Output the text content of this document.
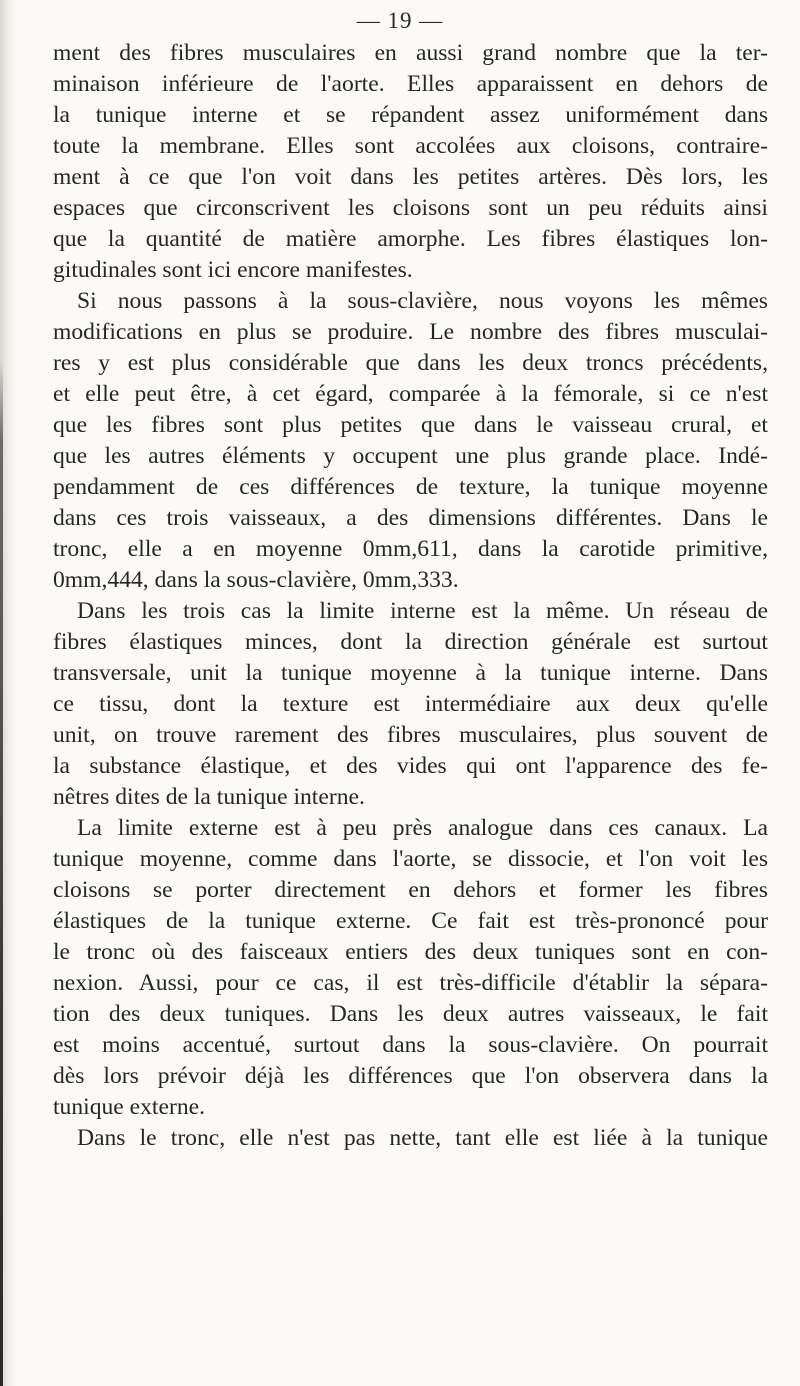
— 19 —
ment des fibres musculaires en aussi grand nombre que la ter-
minaison inférieure de l'aorte. Elles apparaissent en dehors de
la tunique interne et se répandent assez uniformément dans
toute la membrane. Elles sont accolées aux cloisons, contraire-
ment à ce que l'on voit dans les petites artères. Dès lors, les
espaces que circonscrivent les cloisons sont un peu réduits ainsi
que la quantité de matière amorphe. Les fibres élastiques lon-
gitudinales sont ici encore manifestes.
Si nous passons à la sous-clavière, nous voyons les mêmes
modifications en plus se produire. Le nombre des fibres musculai-
res y est plus considérable que dans les deux troncs précédents,
et elle peut être, à cet égard, comparée à la fémorale, si ce n'est
que les fibres sont plus petites que dans le vaisseau crural, et
que les autres éléments y occupent une plus grande place. Indé-
pendamment de ces différences de texture, la tunique moyenne
dans ces trois vaisseaux, a des dimensions différentes. Dans le
tronc, elle a en moyenne 0mm,611, dans la carotide primitive,
0mm,444, dans la sous-clavière, 0mm,333.
Dans les trois cas la limite interne est la même. Un réseau de
fibres élastiques minces, dont la direction générale est surtout
transversale, unit la tunique moyenne à la tunique interne. Dans
ce tissu, dont la texture est intermédiaire aux deux qu'elle
unit, on trouve rarement des fibres musculaires, plus souvent de
la substance élastique, et des vides qui ont l'apparence des fe-
nêtres dites de la tunique interne.
La limite externe est à peu près analogue dans ces canaux. La
tunique moyenne, comme dans l'aorte, se dissocie, et l'on voit les
cloisons se porter directement en dehors et former les fibres
élastiques de la tunique externe. Ce fait est très-prononcé pour
le tronc où des faisceaux entiers des deux tuniques sont en con-
nexion. Aussi, pour ce cas, il est très-difficile d'établir la sépara-
tion des deux tuniques. Dans les deux autres vaisseaux, le fait
est moins accentué, surtout dans la sous-clavière. On pourrait
dès lors prévoir déjà les différences que l'on observera dans la
tunique externe.
Dans le tronc, elle n'est pas nette, tant elle est liée à la tunique
